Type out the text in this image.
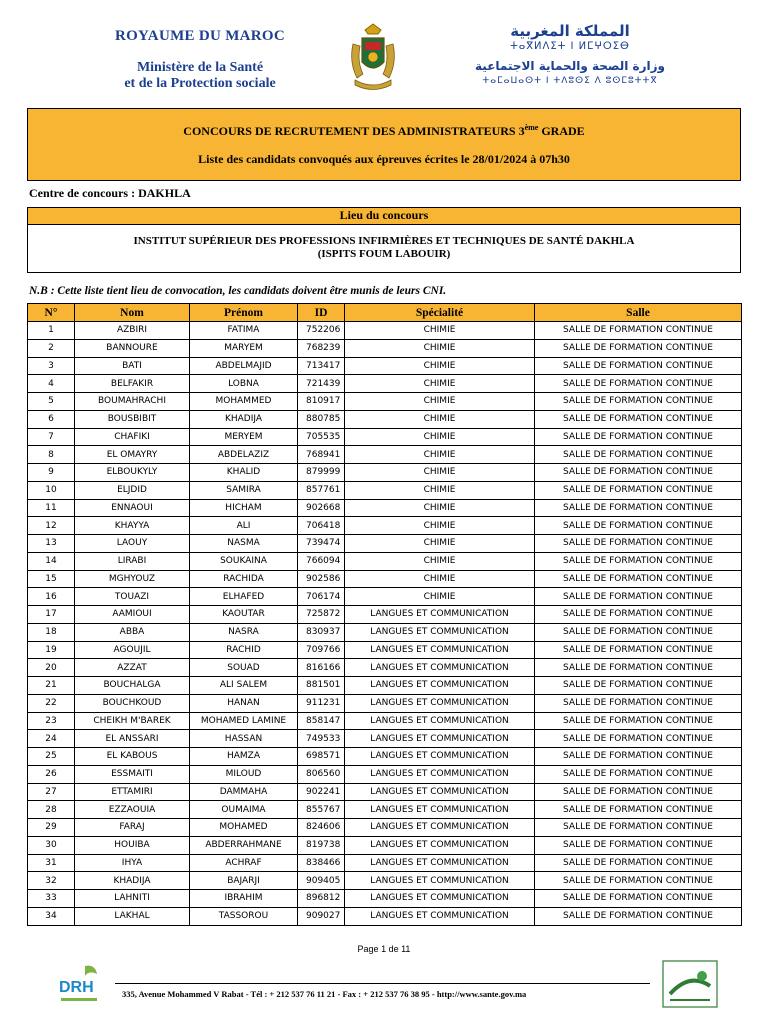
ROYAUME DU MAROC
Ministère de la Santé
et de la Protection sociale
المملكة المغربية
ⵜⴰⴳⵍⴷⵉⵜ ⵏ ⵍⵎⵖⵔⵉⴱ
وزارة الصحة والحماية الاجتماعية
ⵜⴰⵎⴰⵡⴰⵙⵜ ⵏ ⵜⴷⵓⵙⵉ ⴷ ⵓⵙⵎⵓⵜⵜⴳ
CONCOURS DE RECRUTEMENT DES ADMINISTRATEURS 3ème GRADE
Liste des candidats convoqués aux épreuves écrites le 28/01/2024 à 07h30
Centre de concours : DAKHLA
Lieu du concours
INSTITUT SUPÉRIEUR DES PROFESSIONS INFIRMIÈRES ET TECHNIQUES DE SANTÉ DAKHLA
(ISPITS FOUM LABOUIR)
N.B : Cette liste tient lieu de convocation, les candidats doivent être munis de leurs CNI.
N°	Nom	Prénom	ID	Spécialité	Salle
1	AZBIRI	FATIMA	752206	CHIMIE	SALLE DE FORMATION CONTINUE
2	BANNOURE	MARYEM	768239	CHIMIE	SALLE DE FORMATION CONTINUE
3	BATI	ABDELMAJID	713417	CHIMIE	SALLE DE FORMATION CONTINUE
4	BELFAKIR	LOBNA	721439	CHIMIE	SALLE DE FORMATION CONTINUE
5	BOUMAHRACHI	MOHAMMED	810917	CHIMIE	SALLE DE FORMATION CONTINUE
6	BOUSBIBIT	KHADIJA	880785	CHIMIE	SALLE DE FORMATION CONTINUE
7	CHAFIKI	MERYEM	705535	CHIMIE	SALLE DE FORMATION CONTINUE
8	EL OMAYRY	ABDELAZIZ	768941	CHIMIE	SALLE DE FORMATION CONTINUE
9	ELBOUKYLY	KHALID	879999	CHIMIE	SALLE DE FORMATION CONTINUE
10	ELJDID	SAMIRA	857761	CHIMIE	SALLE DE FORMATION CONTINUE
11	ENNAOUI	HICHAM	902668	CHIMIE	SALLE DE FORMATION CONTINUE
12	KHAYYA	ALI	706418	CHIMIE	SALLE DE FORMATION CONTINUE
13	LAOUY	NASMA	739474	CHIMIE	SALLE DE FORMATION CONTINUE
14	LIRABI	SOUKAINA	766094	CHIMIE	SALLE DE FORMATION CONTINUE
15	MGHYOUZ	RACHIDA	902586	CHIMIE	SALLE DE FORMATION CONTINUE
16	TOUAZI	ELHAFED	706174	CHIMIE	SALLE DE FORMATION CONTINUE
17	AAMIOUI	KAOUTAR	725872	LANGUES ET COMMUNICATION	SALLE DE FORMATION CONTINUE
18	ABBA	NASRA	830937	LANGUES ET COMMUNICATION	SALLE DE FORMATION CONTINUE
19	AGOUJIL	RACHID	709766	LANGUES ET COMMUNICATION	SALLE DE FORMATION CONTINUE
20	AZZAT	SOUAD	816166	LANGUES ET COMMUNICATION	SALLE DE FORMATION CONTINUE
21	BOUCHALGA	ALI SALEM	881501	LANGUES ET COMMUNICATION	SALLE DE FORMATION CONTINUE
22	BOUCHKOUD	HANAN	911231	LANGUES ET COMMUNICATION	SALLE DE FORMATION CONTINUE
23	CHEIKH M'BAREK	MOHAMED LAMINE	858147	LANGUES ET COMMUNICATION	SALLE DE FORMATION CONTINUE
24	EL ANSSARI	HASSAN	749533	LANGUES ET COMMUNICATION	SALLE DE FORMATION CONTINUE
25	EL KABOUS	HAMZA	698571	LANGUES ET COMMUNICATION	SALLE DE FORMATION CONTINUE
26	ESSMAITI	MILOUD	806560	LANGUES ET COMMUNICATION	SALLE DE FORMATION CONTINUE
27	ETTAMIRI	DAMMAHA	902241	LANGUES ET COMMUNICATION	SALLE DE FORMATION CONTINUE
28	EZZAOUIA	OUMAIMA	855767	LANGUES ET COMMUNICATION	SALLE DE FORMATION CONTINUE
29	FARAJ	MOHAMED	824606	LANGUES ET COMMUNICATION	SALLE DE FORMATION CONTINUE
30	HOUIBA	ABDERRAHMANE	819738	LANGUES ET COMMUNICATION	SALLE DE FORMATION CONTINUE
31	IHYA	ACHRAF	838466	LANGUES ET COMMUNICATION	SALLE DE FORMATION CONTINUE
32	KHADIJA	BAJARJI	909405	LANGUES ET COMMUNICATION	SALLE DE FORMATION CONTINUE
33	LAHNITI	IBRAHIM	896812	LANGUES ET COMMUNICATION	SALLE DE FORMATION CONTINUE
34	LAKHAL	TASSOROU	909027	LANGUES ET COMMUNICATION	SALLE DE FORMATION CONTINUE
Page 1 de 11
DRH	335, Avenue Mohammed V Rabat - Tél : + 212 537 76 11 21 - Fax : + 212 537 76 38 95 - http://www.sante.gov.ma
